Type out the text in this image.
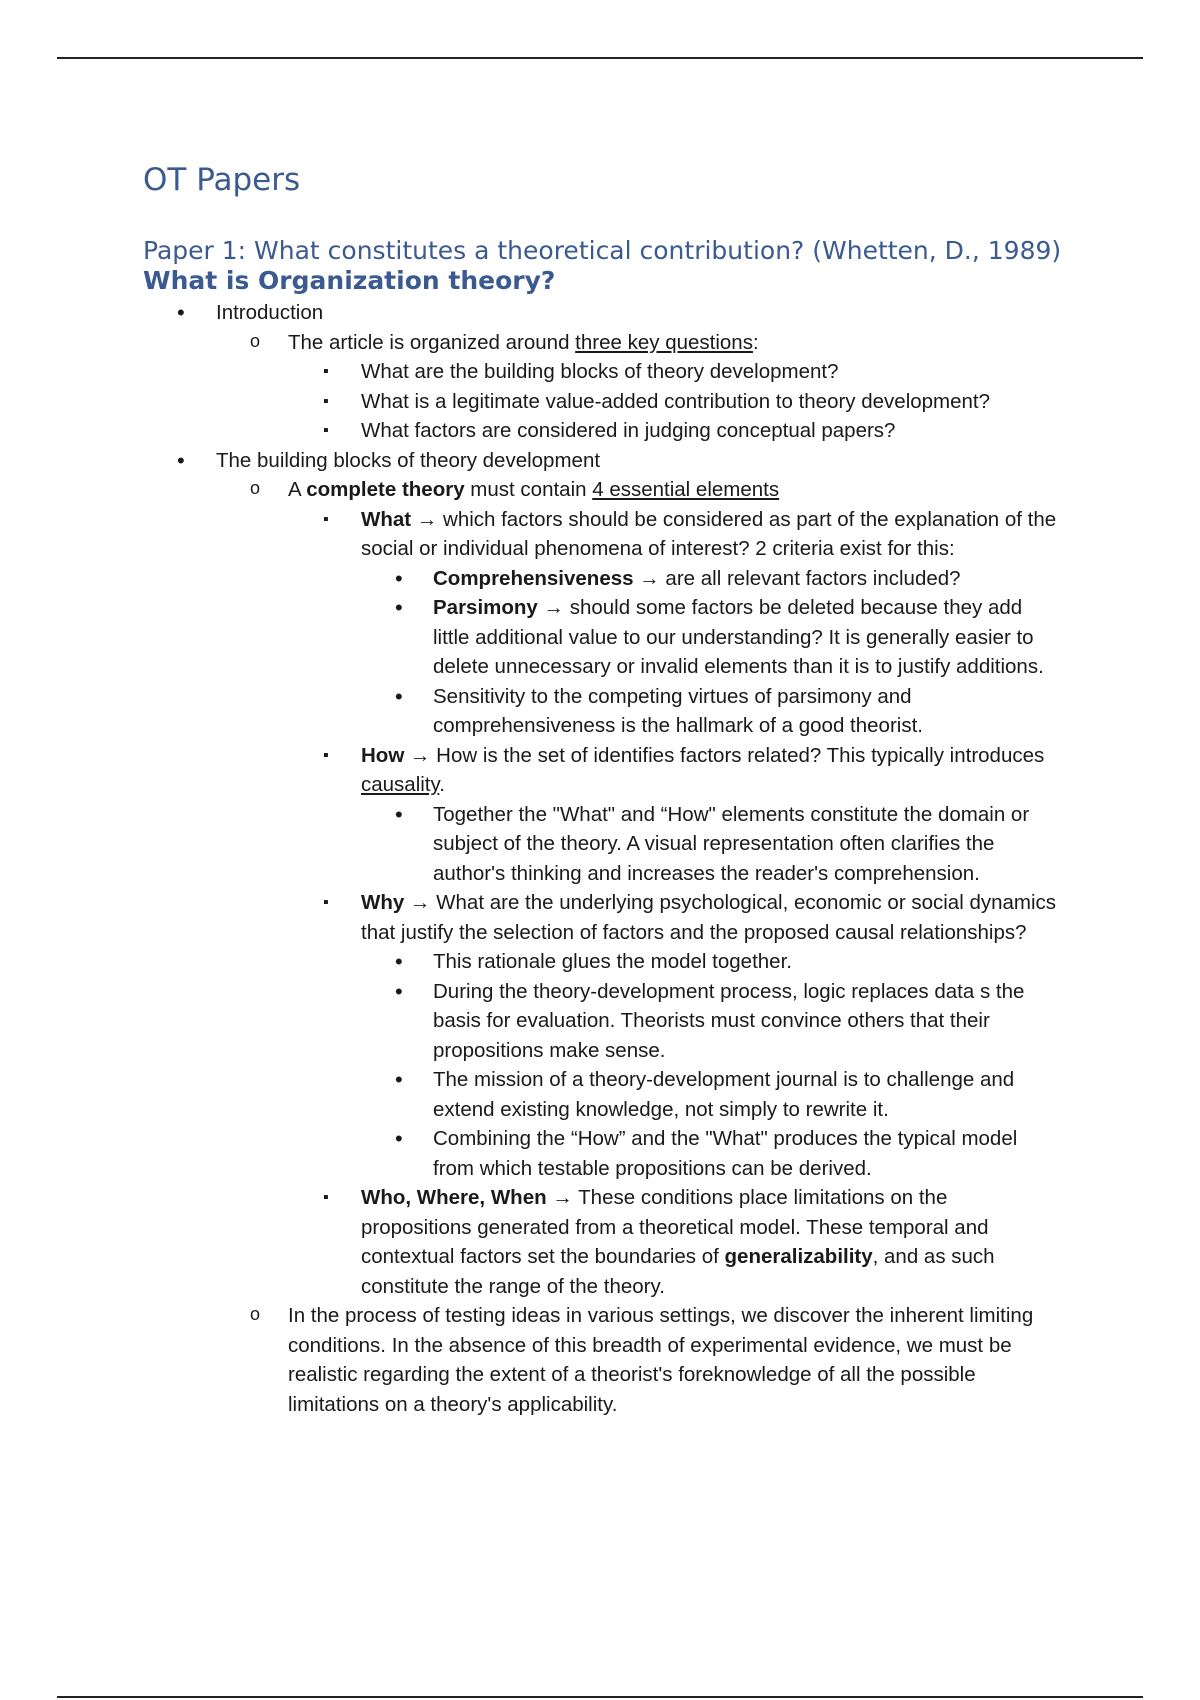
OT Papers
Paper 1: What constitutes a theoretical contribution? (Whetten, D., 1989) What is Organization theory?
• Introduction
o The article is organized around three key questions:
▪ What are the building blocks of theory development?
▪ What is a legitimate value-added contribution to theory development?
▪ What factors are considered in judging conceptual papers?
• The building blocks of theory development
o A complete theory must contain 4 essential elements
▪ What → which factors should be considered as part of the explanation of the social or individual phenomena of interest? 2 criteria exist for this:
• Comprehensiveness → are all relevant factors included?
• Parsimony → should some factors be deleted because they add little additional value to our understanding? It is generally easier to delete unnecessary or invalid elements than it is to justify additions.
• Sensitivity to the competing virtues of parsimony and comprehensiveness is the hallmark of a good theorist.
▪ How → How is the set of identifies factors related? This typically introduces causality.
• Together the "What" and “How" elements constitute the domain or subject of the theory. A visual representation often clarifies the author's thinking and increases the reader's comprehension.
▪ Why → What are the underlying psychological, economic or social dynamics that justify the selection of factors and the proposed causal relationships?
• This rationale glues the model together.
• During the theory-development process, logic replaces data s the basis for evaluation. Theorists must convince others that their propositions make sense.
• The mission of a theory-development journal is to challenge and extend existing knowledge, not simply to rewrite it.
• Combining the “How” and the "What" produces the typical model from which testable propositions can be derived.
▪ Who, Where, When → These conditions place limitations on the propositions generated from a theoretical model. These temporal and contextual factors set the boundaries of generalizability, and as such constitute the range of the theory.
o In the process of testing ideas in various settings, we discover the inherent limiting conditions. In the absence of this breadth of experimental evidence, we must be realistic regarding the extent of a theorist's foreknowledge of all the possible limitations on a theory's applicability.
